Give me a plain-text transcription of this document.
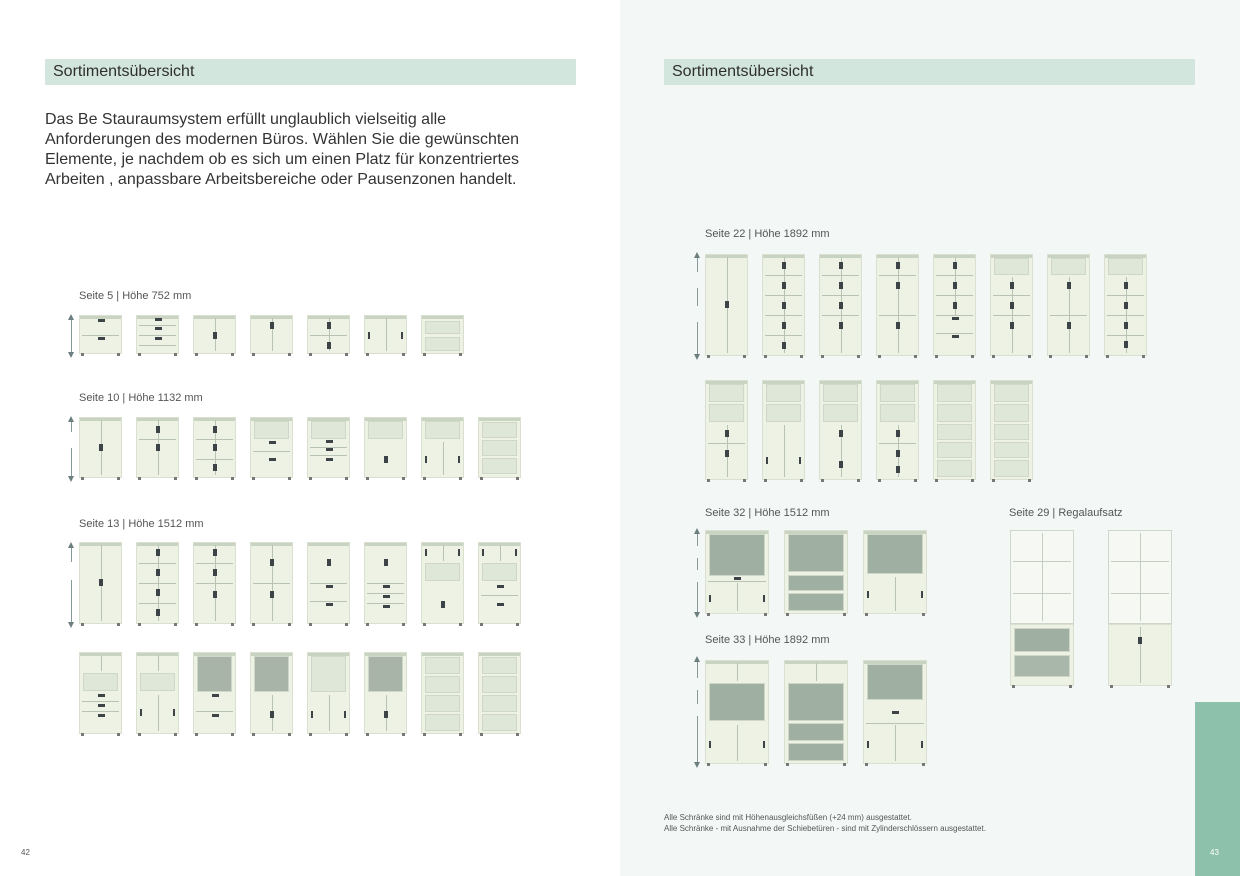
Sortimentsübersicht

Das Be Stauraumsystem erfüllt unglaublich vielseitig alle

Anforderungen des modernen Büros. Wählen Sie die gewünschten

Elemente, je nachdem ob es sich um einen Platz für konzentriertes

Arbeiten , anpassbare Arbeitsbereiche oder Pausenzonen handelt.

Seite 5 | Höhe 752 mm
Seite 10 | Höhe 1132 mm
Seite 13 | Höhe 1512 mm
42
Sortimentsübersicht
Seite 22 | Höhe 1892 mm
Seite 32 | Höhe 1512 mm
Seite 33 | Höhe 1892 mm
Seite 29 | Regalaufsatz

Alle Schränke sind mit Höhenausgleichsfüßen (+24 mm) ausgestattet.

Alle Schränke - mit Ausnahme der Schiebetüren - sind mit Zylinderschlössern ausgestattet.

43
